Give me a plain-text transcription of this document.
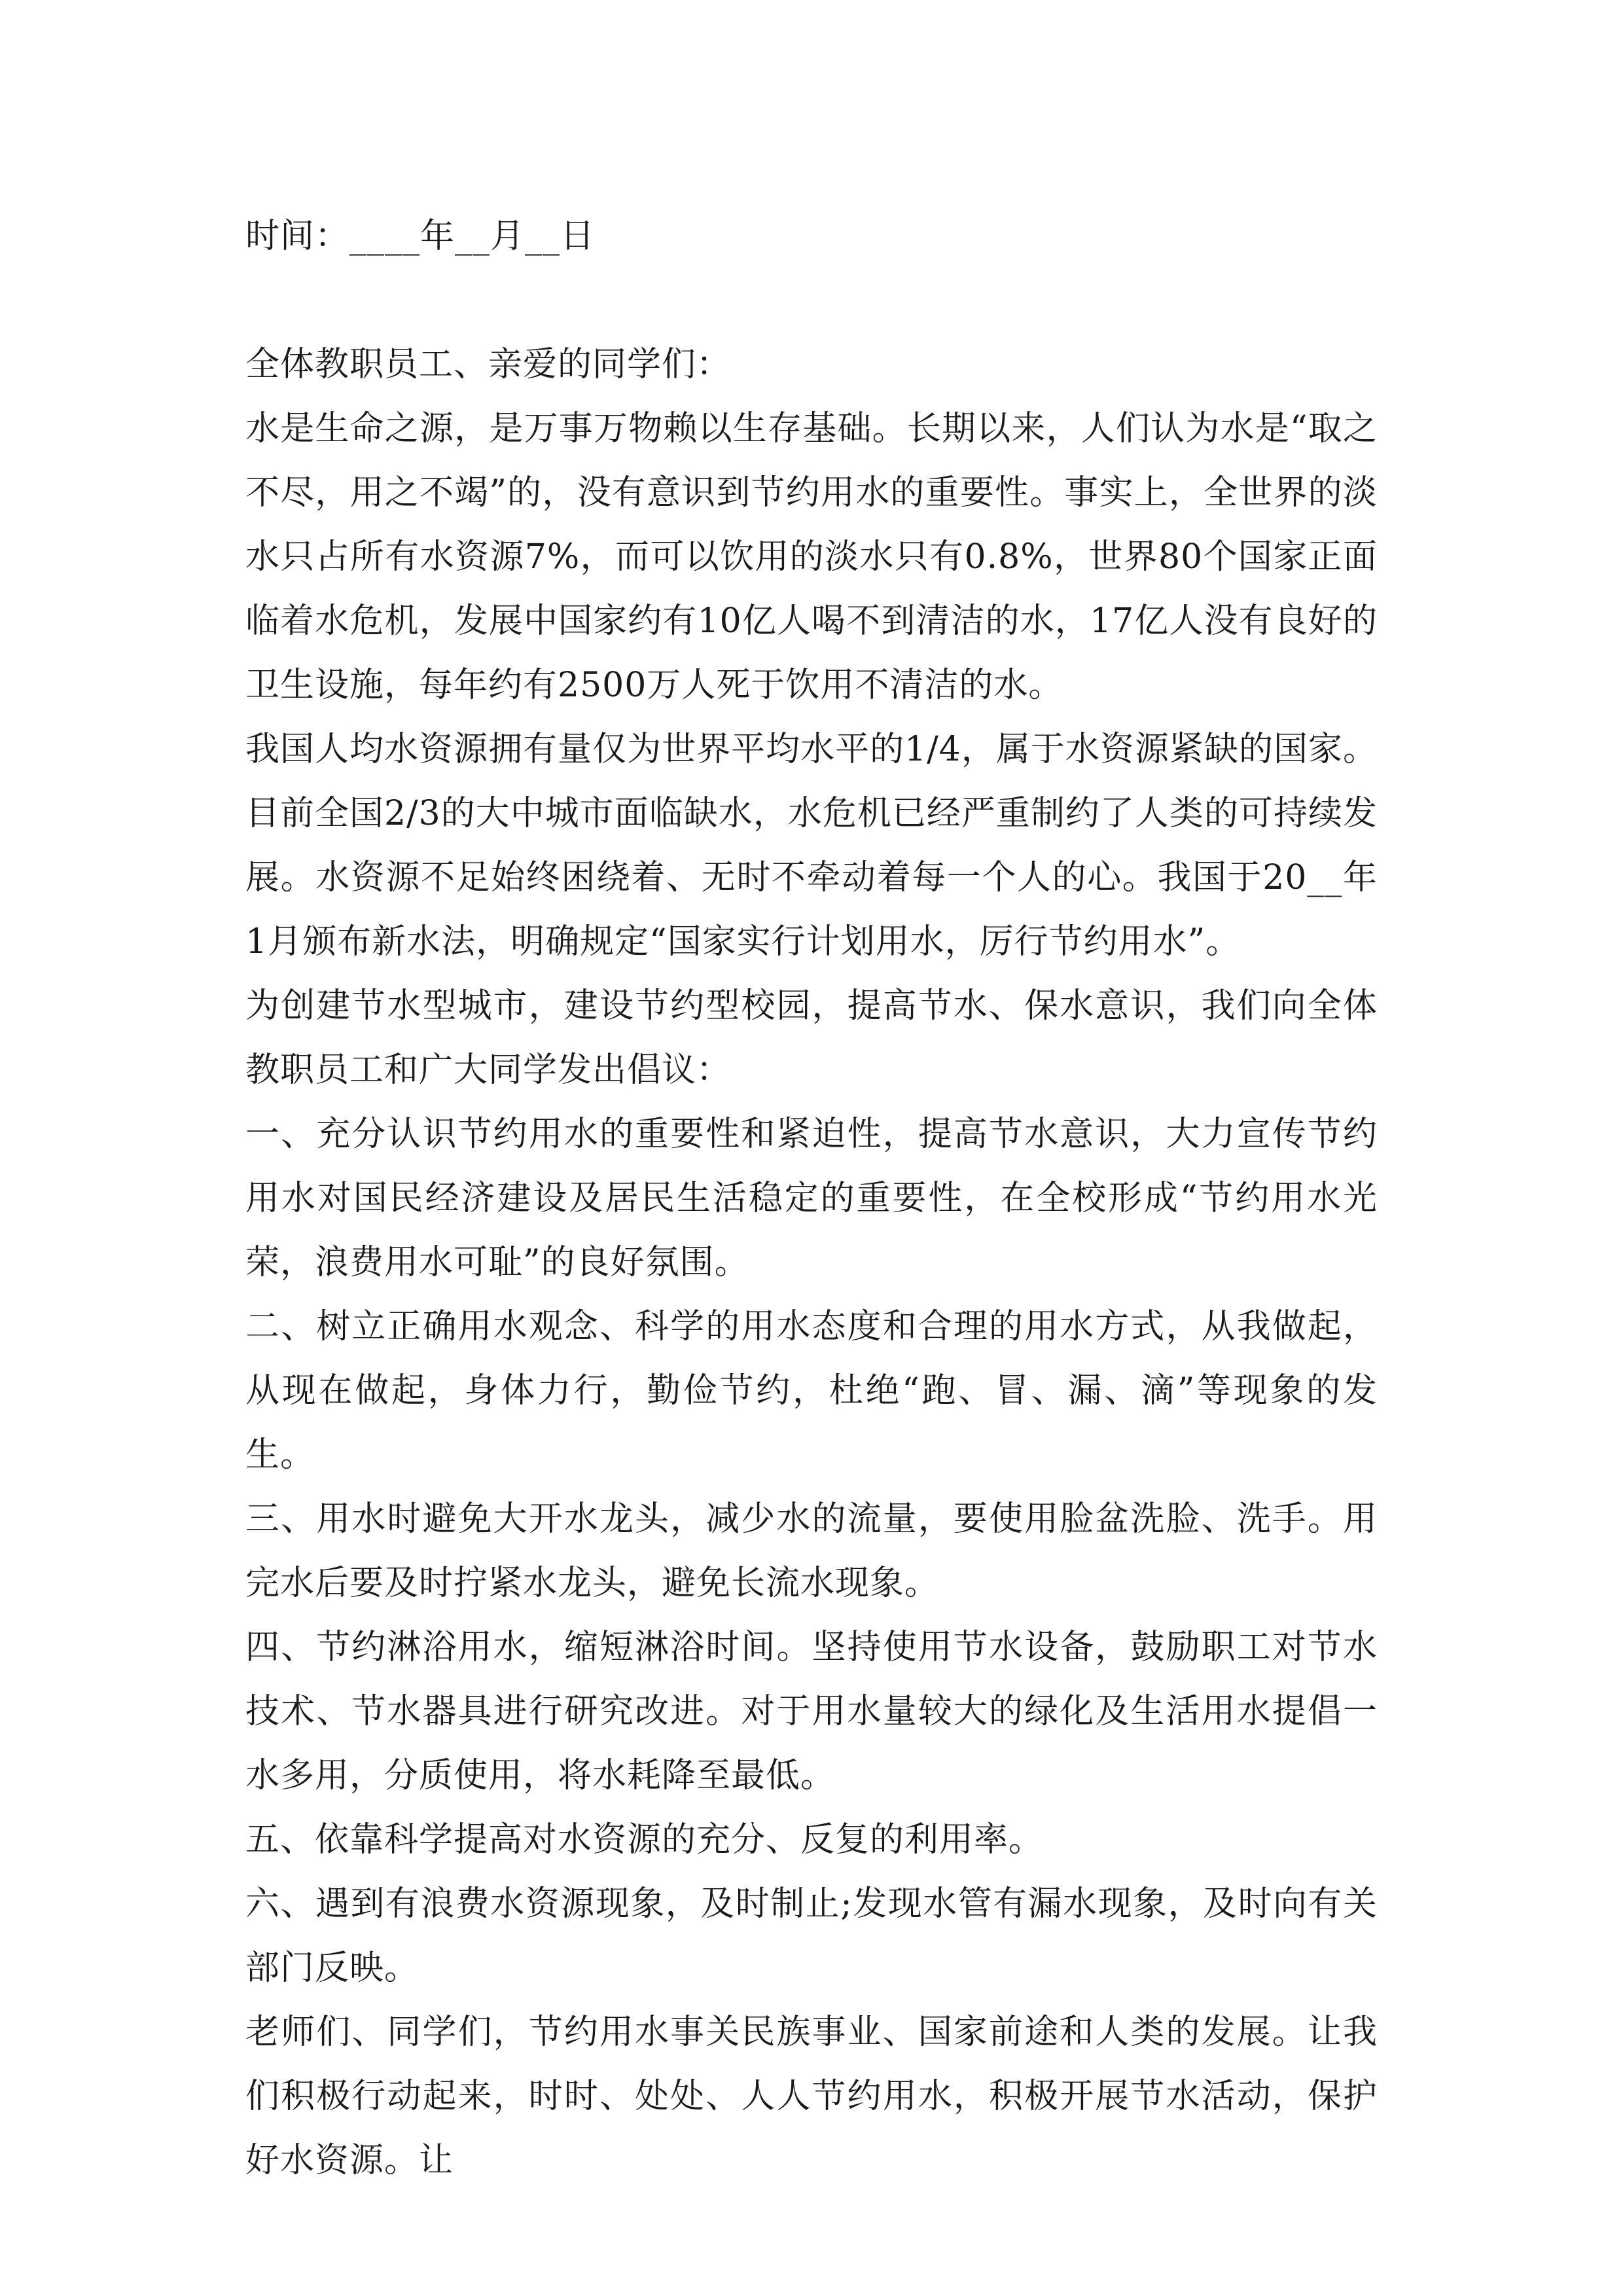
时间：____年__月__日

全体教职员工、亲爱的同学们：

水是生命之源，是万事万物赖以生存基础。长期以来，人们认为水是“取之不尽，用之不竭”的，没有意识到节约用水的重要性。事实上，全世界的淡水只占所有水资源7%，而可以饮用的淡水只有0.8%，世界80个国家正面临着水危机，发展中国家约有10亿人喝不到清洁的水，17亿人没有良好的卫生设施，每年约有2500万人死于饮用不清洁的水。

我国人均水资源拥有量仅为世界平均水平的1/4，属于水资源紧缺的国家。目前全国2/3的大中城市面临缺水，水危机已经严重制约了人类的可持续发展。水资源不足始终困绕着、无时不牵动着每一个人的心。我国于20__年1月颁布新水法，明确规定“国家实行计划用水，厉行节约用水”。

为创建节水型城市，建设节约型校园，提高节水、保水意识，我们向全体教职员工和广大同学发出倡议：

一、充分认识节约用水的重要性和紧迫性，提高节水意识，大力宣传节约用水对国民经济建设及居民生活稳定的重要性，在全校形成“节约用水光荣，浪费用水可耻”的良好氛围。

二、树立正确用水观念、科学的用水态度和合理的用水方式，从我做起，从现在做起，身体力行，勤俭节约，杜绝“跑、冒、漏、滴”等现象的发生。

三、用水时避免大开水龙头，减少水的流量，要使用脸盆洗脸、洗手。用完水后要及时拧紧水龙头，避免长流水现象。

四、节约淋浴用水，缩短淋浴时间。坚持使用节水设备，鼓励职工对节水技术、节水器具进行研究改进。对于用水量较大的绿化及生活用水提倡一水多用，分质使用，将水耗降至最低。

五、依靠科学提高对水资源的充分、反复的利用率。

六、遇到有浪费水资源现象，及时制止;发现水管有漏水现象，及时向有关部门反映。

老师们、同学们，节约用水事关民族事业、国家前途和人类的发展。让我们积极行动起来，时时、处处、人人节约用水，积极开展节水活动，保护好水资源。让
